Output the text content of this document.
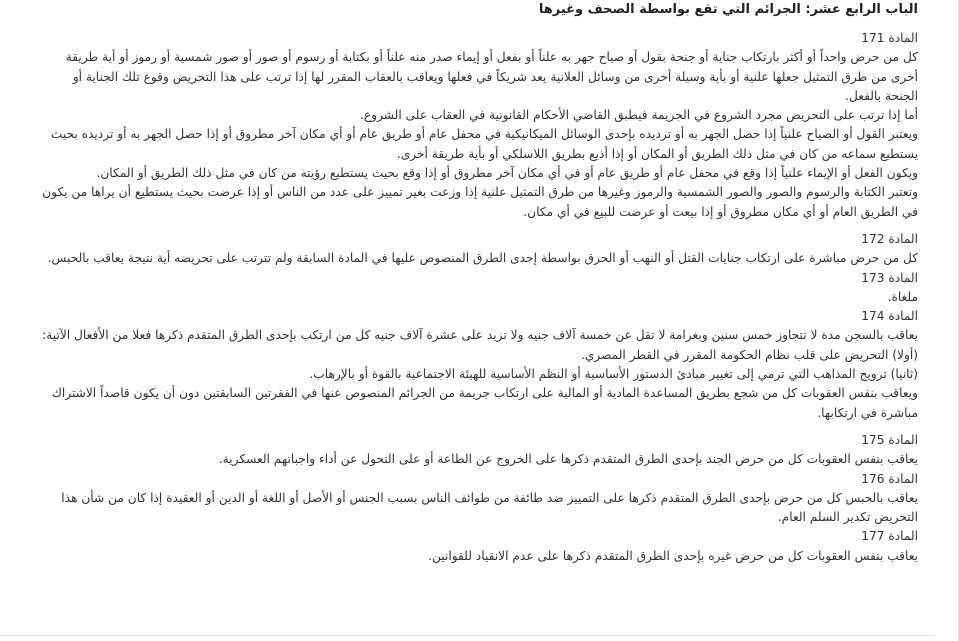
الباب الرابع عشر: الجرائم التي تقع بواسطة الصحف وغيرها

المادة 171

كل من حرض واحداً أو أكثر بارتكاب جناية أو جنحة بقول أو صياح جهر به علناً أو بفعل أو إيماء صدر منه علناً أو بكتابة أو رسوم أو صور أو صور شمسية أو رموز أو أية طريقة أخرى من طرق التمثيل جعلها علنية أو بأية وسيلة أخرى من وسائل العلانية يعد شريكاً في فعلها ويعاقب بالعقاب المقرر لها إذا ترتب على هذا التحريض وقوع تلك الجناية أو الجنحة بالفعل.

أما إذا ترتب على التحريض مجرد الشروع في الجريمة فيطبق القاضي الأحكام القانونية في العقاب على الشروع.

ويعتبر القول أو الصياح علنياً إذا حصل الجهر به أو ترديده بإحدى الوسائل الميكانيكية في محفل عام أو طريق عام أو أي مكان آخر مطروق أو إذا حصل الجهر به أو ترديده بحيث يستطيع سماعه من كان في مثل ذلك الطريق أو المكان أو إذا أذيع بطريق اللاسلكي أو بأية طريقة أخرى.

ويكون الفعل أو الإيماء علنياً إذا وقع في محفل عام أو طريق عام أو في أي مكان آخر مطروق أو إذا وقع بحيث يستطيع رؤيته من كان في مثل ذلك الطريق أو المكان.

وتعتبر الكتابة والرسوم والصور والصور الشمسية والرموز وغيرها من طرق التمثيل علنية إذا وزعت بغير تمييز على عدد من الناس أو إذا عرضت بحيث يستطيع أن يراها من يكون في الطريق العام أو أي مكان مطروق أو إذا بيعت أو عرضت للبيع في أي مكان.

المادة 172

كل من حرض مباشرة على ارتكاب جنايات القتل أو النهب أو الحرق بواسطة إحدى الطرق المنصوص عليها في المادة السابقة ولم تترتب على تحريضه أية نتيجة يعاقب بالحبس.

المادة 173

ملغاة.

المادة 174

يعاقب بالسجن مدة لا تتجاوز خمس سنين وبغرامة لا تقل عن خمسة آلاف جنيه ولا تزيد على عشرة آلاف جنيه كل من ارتكب بإحدى الطرق المتقدم ذكرها فعلا من الأفعال الآتية:

(أولا) التحريض على قلب نظام الحكومة المقرر في القطر المصري.

(ثانيا) ترويج المذاهب التي ترمي إلى تغيير مبادئ الدستور الأساسية أو النظم الأساسية للهيئة الاجتماعية بالقوة أو بالإرهاب.

ويعاقب بنفس العقوبات كل من شجع بطريق المساعدة المادية أو المالية على ارتكاب جريمة من الجرائم المنصوص عنها في الفقرتين السابقتين دون أن يكون قاصداً الاشتراك مباشرة في ارتكابها.

المادة 175

يعاقب بنفس العقوبات كل من حرض الجند بإحدى الطرق المتقدم ذكرها على الخروج عن الطاعة أو على التحول عن أداء واجباتهم العسكرية.

المادة 176

يعاقب بالحبس كل من حرض بإحدى الطرق المتقدم ذكرها على التمييز ضد طائفة من طوائف الناس بسبب الجنس أو الأصل أو اللغة أو الدين أو العقيدة إذا كان من شأن هذا التحريض تكدير السلم العام.

المادة 177

يعاقب بنفس العقوبات كل من حرض غيره بإحدى الطرق المتقدم ذكرها على عدم الانقياد للقوانين.
